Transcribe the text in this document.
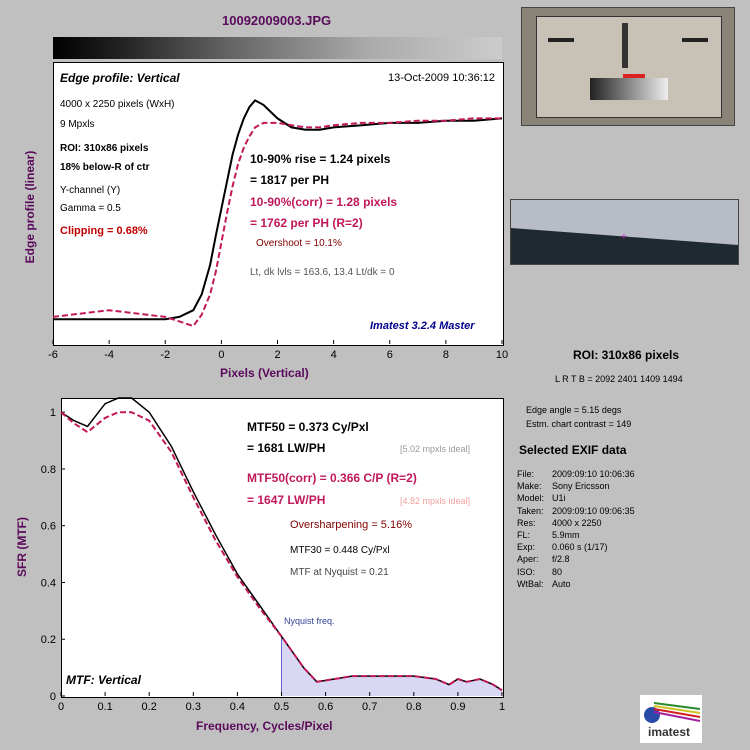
10092009003.JPG
-6	-4	-2	0	2	4	6	8	10
0	0.1	0.2	0.3	0.4	0.5	0.6	0.7	0.8	0.9	1
0
0.2
0.4
0.6
0.8
1
Edge profile: Vertical	13-Oct-2009 10:36:12
4000 x 2250 pixels (WxH)
9 Mpxls
ROI: 310x86 pixels
18% below-R of ctr
Y-channel (Y)
Gamma = 0.5
Clipping = 0.68%
10-90% rise = 1.24 pixels
= 1817 per PH
10-90%(corr) = 1.28 pixels
= 1762 per PH (R=2)
Overshoot = 10.1%
Lt, dk lvls = 163.6, 13.4 Lt/dk = 0
Imatest 3.2.4 Master
Pixels (Vertical)
Edge profile (linear)
MTF50 = 0.373 Cy/Pxl
= 1681 LW/PH	[5.02 mpxls ideal]
MTF50(corr) = 0.366 C/P (R=2)
= 1647 LW/PH	[4.82 mpxls ideal]
Oversharpening = 5.16%
MTF30 = 0.448 Cy/Pxl
MTF at Nyquist = 0.21
Nyquist freq.
MTF: Vertical
Frequency, Cycles/Pixel
SFR (MTF)
+
ROI: 310x86 pixels
L R T B = 2092 2401 1409 1494
Edge angle = 5.15 degs
Estm. chart contrast = 149
Selected EXIF data
File: 2009:09:10 10:06:36
Make: Sony Ericsson
Model: U1i
Taken: 2009:09:10 09:06:35
Res: 4000 x 2250
FL: 5.9mm
Exp: 0.060 s (1/17)
Aper: f/2.8
ISO: 80
WtBal: Auto
imatest
